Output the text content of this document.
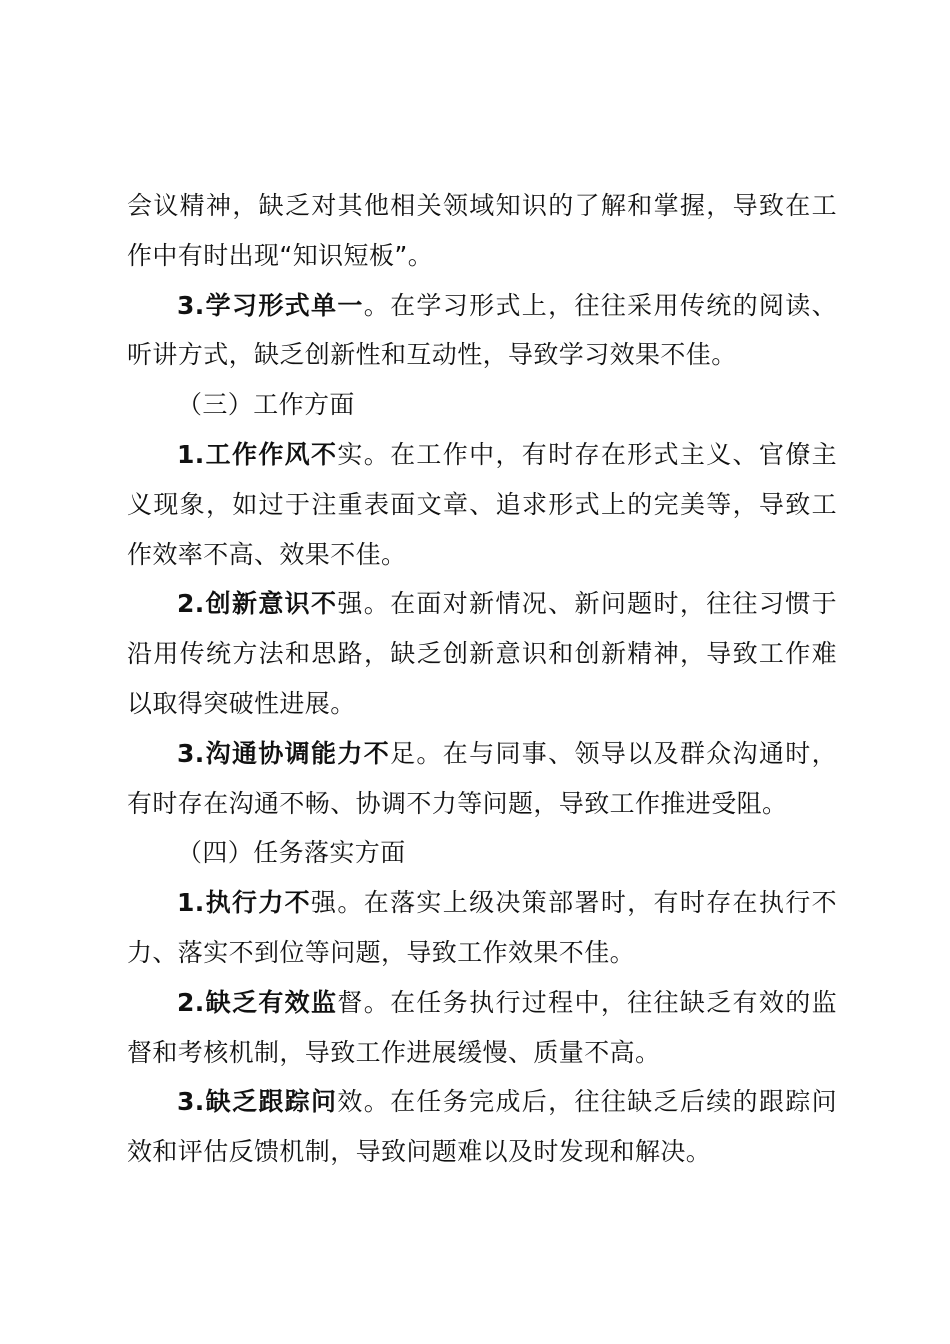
会议精神，缺乏对其他相关领域知识的了解和掌握，导致在工作中有时出现“知识短板”。

3.学习形式单一。在学习形式上，往往采用传统的阅读、听讲方式，缺乏创新性和互动性，导致学习效果不佳。

（三）工作方面

1.工作作风不实。在工作中，有时存在形式主义、官僚主义现象，如过于注重表面文章、追求形式上的完美等，导致工作效率不高、效果不佳。

2.创新意识不强。在面对新情况、新问题时，往往习惯于沿用传统方法和思路，缺乏创新意识和创新精神，导致工作难以取得突破性进展。

3.沟通协调能力不足。在与同事、领导以及群众沟通时，有时存在沟通不畅、协调不力等问题，导致工作推进受阻。

（四）任务落实方面

1.执行力不强。在落实上级决策部署时，有时存在执行不力、落实不到位等问题，导致工作效果不佳。

2.缺乏有效监督。在任务执行过程中，往往缺乏有效的监督和考核机制，导致工作进展缓慢、质量不高。

3.缺乏跟踪问效。在任务完成后，往往缺乏后续的跟踪问效和评估反馈机制，导致问题难以及时发现和解决。
